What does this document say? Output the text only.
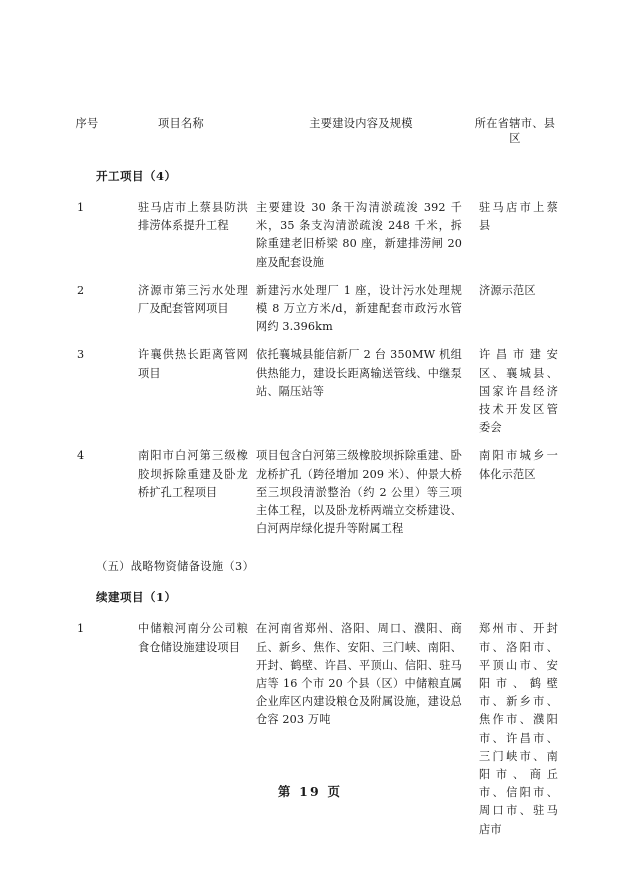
序号	项目名称	主要建设内容及规模	所在省辖市、县区

开工项目（4）			

1	驻马店市上蔡县防洪排涝体系提升工程	主要建设 30 条干沟清淤疏浚 392 千米，35 条支沟清淤疏浚 248 千米，拆除重建老旧桥梁 80 座，新建排涝闸 20 座及配套设施	驻马店市上蔡县

2	济源市第三污水处理厂及配套管网项目	新建污水处理厂 1 座，设计污水处理规模 8 万立方米/d，新建配套市政污水管网约 3.396km	济源示范区

3	许襄供热长距离管网项目	依托襄城县能信新厂 2 台 350MW 机组供热能力，建设长距离输送管线、中继泵站、隔压站等	许昌市建安区、襄城县、国家许昌经济技术开发区管委会

4	南阳市白河第三级橡胶坝拆除重建及卧龙桥扩孔工程项目	项目包含白河第三级橡胶坝拆除重建、卧龙桥扩孔（跨径增加 209 米）、仲景大桥至三坝段清淤整治（约 2 公里）等三项主体工程，以及卧龙桥两端立交桥建设、白河两岸绿化提升等附属工程	南阳市城乡一体化示范区

（五）战略物资储备设施（3）			

续建项目（1）			

1	中储粮河南分公司粮食仓储设施建设项目	在河南省郑州、洛阳、周口、濮阳、商丘、新乡、焦作、安阳、三门峡、南阳、开封、鹤壁、许昌、平顶山、信阳、驻马店等 16 个市 20 个县（区）中储粮直属企业库区内建设粮仓及附属设施，建设总仓容 203 万吨	郑州市、开封市、洛阳市、平顶山市、安阳市、鹤壁市、新乡市、焦作市、濮阳市、许昌市、三门峡市、南阳市、商丘市、信阳市、周口市、驻马店市
第 19 页
